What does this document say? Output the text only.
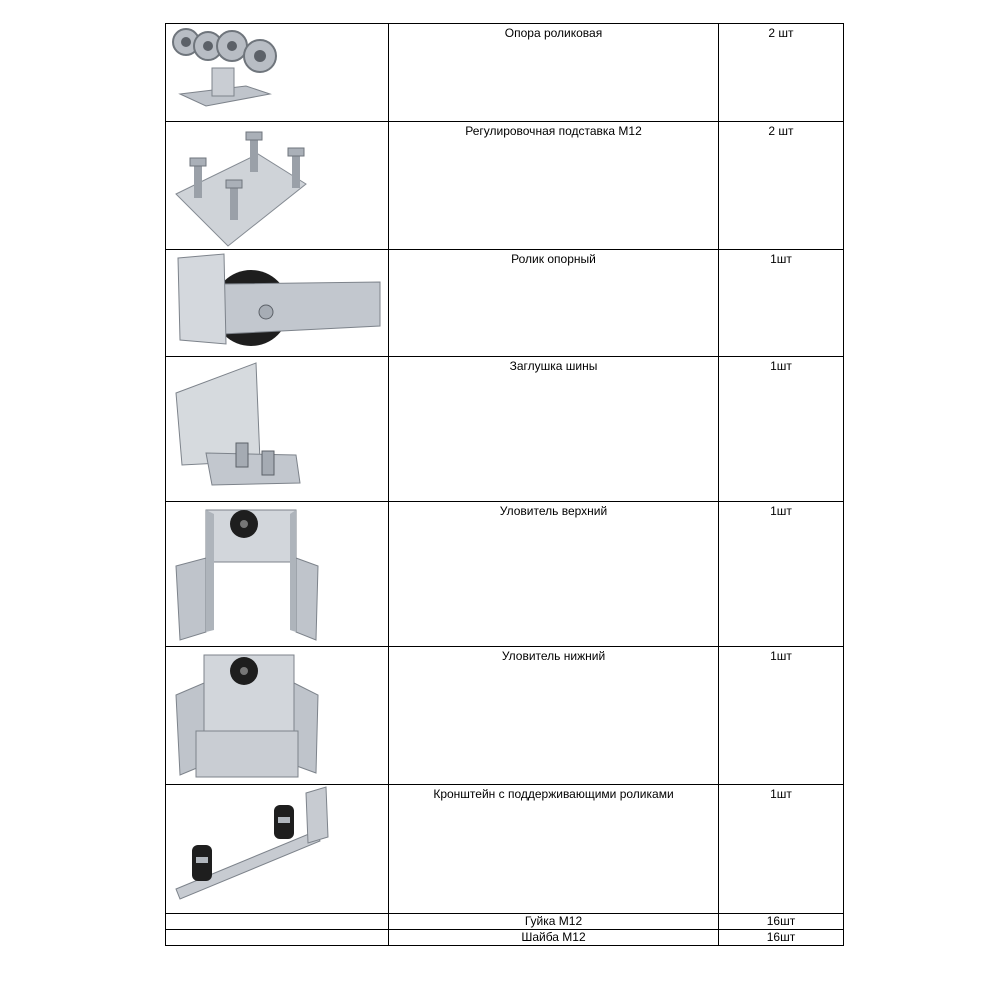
Опора роликовая	2 шт

Регулировочная подставка М12	2 шт

Ролик опорный	1шт

Заглушка шины	1шт

Уловитель верхний	1шт

Уловитель нижний	1шт

Кронштейн с поддерживающими роликами	1шт

	Гуйка М12	16шт

	Шайба М12	16шт
